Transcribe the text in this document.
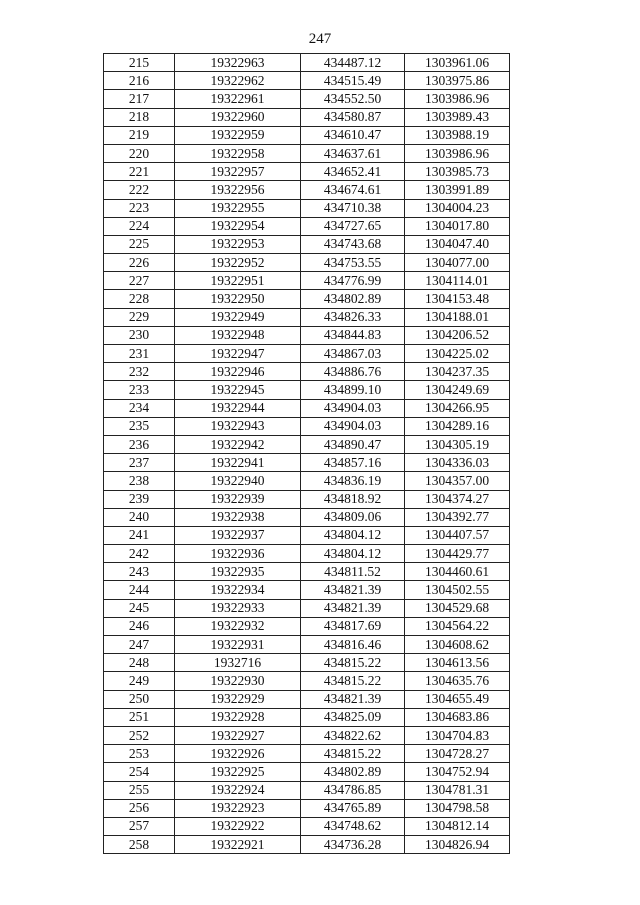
247
215	19322963	434487.12	1303961.06
216	19322962	434515.49	1303975.86
217	19322961	434552.50	1303986.96
218	19322960	434580.87	1303989.43
219	19322959	434610.47	1303988.19
220	19322958	434637.61	1303986.96
221	19322957	434652.41	1303985.73
222	19322956	434674.61	1303991.89
223	19322955	434710.38	1304004.23
224	19322954	434727.65	1304017.80
225	19322953	434743.68	1304047.40
226	19322952	434753.55	1304077.00
227	19322951	434776.99	1304114.01
228	19322950	434802.89	1304153.48
229	19322949	434826.33	1304188.01
230	19322948	434844.83	1304206.52
231	19322947	434867.03	1304225.02
232	19322946	434886.76	1304237.35
233	19322945	434899.10	1304249.69
234	19322944	434904.03	1304266.95
235	19322943	434904.03	1304289.16
236	19322942	434890.47	1304305.19
237	19322941	434857.16	1304336.03
238	19322940	434836.19	1304357.00
239	19322939	434818.92	1304374.27
240	19322938	434809.06	1304392.77
241	19322937	434804.12	1304407.57
242	19322936	434804.12	1304429.77
243	19322935	434811.52	1304460.61
244	19322934	434821.39	1304502.55
245	19322933	434821.39	1304529.68
246	19322932	434817.69	1304564.22
247	19322931	434816.46	1304608.62
248	1932716	434815.22	1304613.56
249	19322930	434815.22	1304635.76
250	19322929	434821.39	1304655.49
251	19322928	434825.09	1304683.86
252	19322927	434822.62	1304704.83
253	19322926	434815.22	1304728.27
254	19322925	434802.89	1304752.94
255	19322924	434786.85	1304781.31
256	19322923	434765.89	1304798.58
257	19322922	434748.62	1304812.14
258	19322921	434736.28	1304826.94
